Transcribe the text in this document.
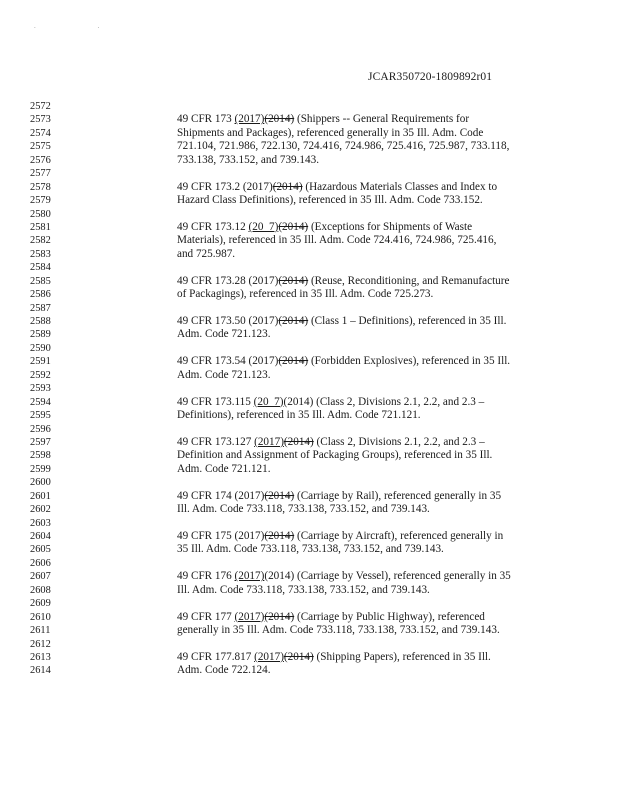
. .
JCAR350720-1809892r01
2572
2573	49 CFR 173 (2017)(2014) (Shippers -- General Requirements for
2574	Shipments and Packages), referenced generally in 35 Ill. Adm. Code
2575	721.104, 721.986, 722.130, 724.416, 724.986, 725.416, 725.987, 733.118,
2576	733.138, 733.152, and 739.143.
2577
2578	49 CFR 173.2 (2017)(2014) (Hazardous Materials Classes and Index to
2579	Hazard Class Definitions), referenced in 35 Ill. Adm. Code 733.152.
2580
2581	49 CFR 173.12 (20_7)(2014) (Exceptions for Shipments of Waste
2582	Materials), referenced in 35 Ill. Adm. Code 724.416, 724.986, 725.416,
2583	and 725.987.
2584
2585	49 CFR 173.28 (2017)(2014) (Reuse, Reconditioning, and Remanufacture
2586	of Packagings), referenced in 35 Ill. Adm. Code 725.273.
2587
2588	49 CFR 173.50 (2017)(2014) (Class 1 – Definitions), referenced in 35 Ill.
2589	Adm. Code 721.123.
2590
2591	49 CFR 173.54 (2017)(2014) (Forbidden Explosives), referenced in 35 Ill.
2592	Adm. Code 721.123.
2593
2594	49 CFR 173.115 (20_7)(2014) (Class 2, Divisions 2.1, 2.2, and 2.3 –
2595	Definitions), referenced in 35 Ill. Adm. Code 721.121.
2596
2597	49 CFR 173.127 (2017)(2014) (Class 2, Divisions 2.1, 2.2, and 2.3 –
2598	Definition and Assignment of Packaging Groups), referenced in 35 Ill.
2599	Adm. Code 721.121.
2600
2601	49 CFR 174 (2017)(2014) (Carriage by Rail), referenced generally in 35
2602	Ill. Adm. Code 733.118, 733.138, 733.152, and 739.143.
2603
2604	49 CFR 175 (2017)(2014) (Carriage by Aircraft), referenced generally in
2605	35 Ill. Adm. Code 733.118, 733.138, 733.152, and 739.143.
2606
2607	49 CFR 176 (2017)(2014) (Carriage by Vessel), referenced generally in 35
2608	Ill. Adm. Code 733.118, 733.138, 733.152, and 739.143.
2609
2610	49 CFR 177 (2017)(2014) (Carriage by Public Highway), referenced
2611	generally in 35 Ill. Adm. Code 733.118, 733.138, 733.152, and 739.143.
2612
2613	49 CFR 177.817 (2017)(2014) (Shipping Papers), referenced in 35 Ill.
2614	Adm. Code 722.124.
